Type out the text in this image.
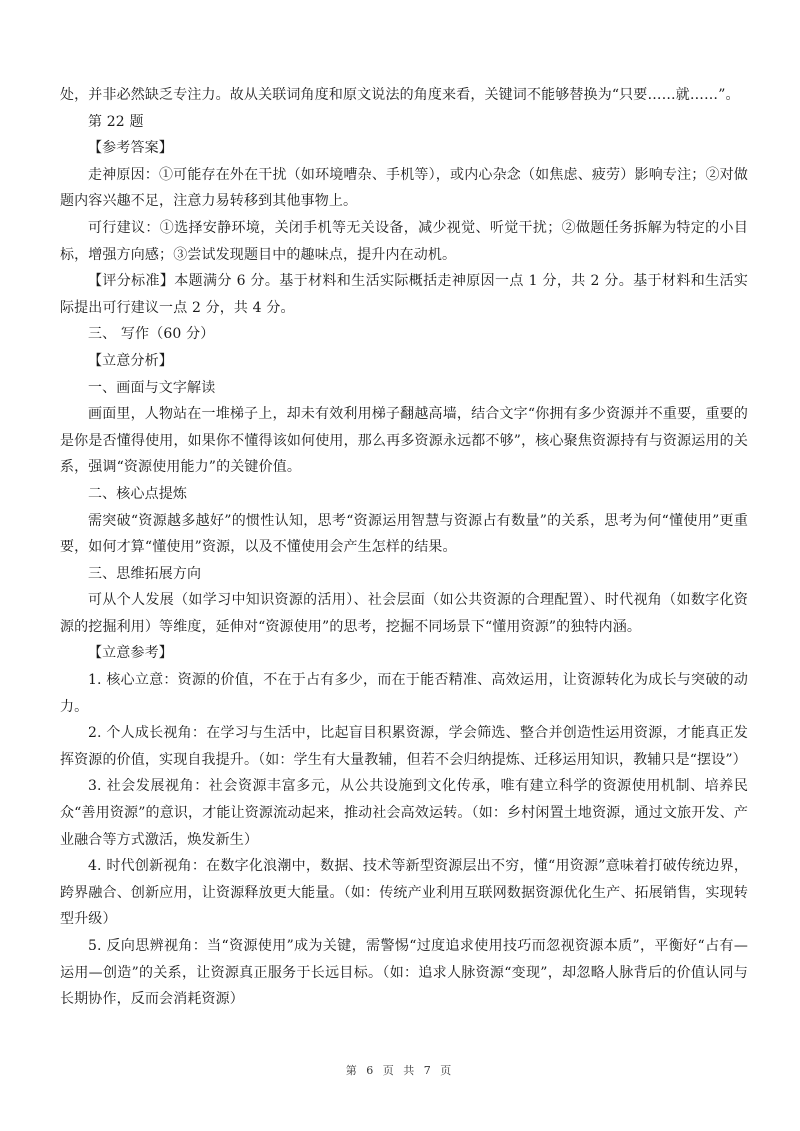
处，并非必然缺乏专注力。故从关联词角度和原文说法的角度来看，关键词不能够替换为“只要……就……”。

第 22 题

【参考答案】

走神原因：①可能存在外在干扰（如环境嘈杂、手机等），或内心杂念（如焦虑、疲劳）影响专注；②对做题内容兴趣不足，注意力易转移到其他事物上。

可行建议：①选择安静环境，关闭手机等无关设备，减少视觉、听觉干扰；②做题任务拆解为特定的小目标，增强方向感；③尝试发现题目中的趣味点，提升内在动机。

【评分标准】本题满分 6 分。基于材料和生活实际概括走神原因一点 1 分，共 2 分。基于材料和生活实际提出可行建议一点 2 分，共 4 分。

三、 写作（60 分）

【立意分析】

一、画面与文字解读

画面里，人物站在一堆梯子上，却未有效利用梯子翻越高墙，结合文字“你拥有多少资源并不重要，重要的是你是否懂得使用，如果你不懂得该如何使用，那么再多资源永远都不够”，核心聚焦资源持有与资源运用的关系，强调“资源使用能力”的关键价值。

二、核心点提炼

需突破“资源越多越好”的惯性认知，思考“资源运用智慧与资源占有数量”的关系，思考为何“懂使用”更重要，如何才算“懂使用”资源，以及不懂使用会产生怎样的结果。

三、思维拓展方向

可从个人发展（如学习中知识资源的活用）、社会层面（如公共资源的合理配置）、时代视角（如数字化资源的挖掘利用）等维度，延伸对“资源使用”的思考，挖掘不同场景下“懂用资源”的独特内涵。

【立意参考】

1. 核心立意：资源的价值，不在于占有多少，而在于能否精准、高效运用，让资源转化为成长与突破的动力。

2. 个人成长视角：在学习与生活中，比起盲目积累资源，学会筛选、整合并创造性运用资源，才能真正发挥资源的价值，实现自我提升。（如：学生有大量教辅，但若不会归纳提炼、迁移运用知识，教辅只是“摆设”）

3. 社会发展视角：社会资源丰富多元，从公共设施到文化传承，唯有建立科学的资源使用机制、培养民众“善用资源”的意识，才能让资源流动起来，推动社会高效运转。（如：乡村闲置土地资源，通过文旅开发、产业融合等方式激活，焕发新生）

4. 时代创新视角：在数字化浪潮中，数据、技术等新型资源层出不穷，懂“用资源”意味着打破传统边界，跨界融合、创新应用，让资源释放更大能量。（如：传统产业利用互联网数据资源优化生产、拓展销售，实现转型升级）

5. 反向思辨视角：当“资源使用”成为关键，需警惕“过度追求使用技巧而忽视资源本质”，平衡好“占有—运用—创造”的关系，让资源真正服务于长远目标。（如：追求人脉资源“变现”，却忽略人脉背后的价值认同与长期协作，反而会消耗资源）

第 6 页 共 7 页
